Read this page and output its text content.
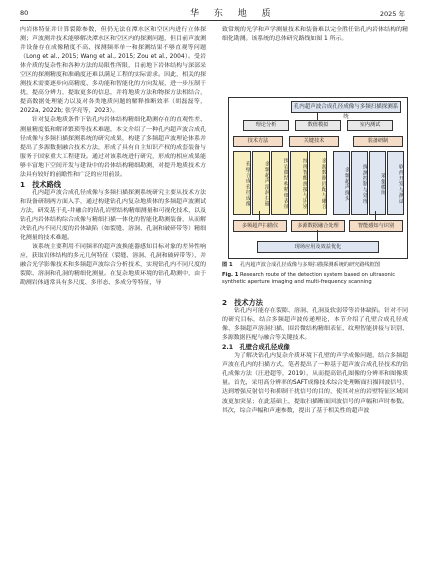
80	华 东 地 质	2025 年

内岩体特征并计算裂隙参数，但仍无法在潭水区和空区内进行立体探测；声波测井技术能够解决潭水区和空区内的探测问题，但目前声波测井设备存在成像精度不高、探测频率单一和探测结果不够直观等问题（Long et al., 2015; Wang et al., 2015; Zou et al., 2004）。受岩体介质的复杂性和各种方法的局限性所限，目前地下岩体结构与深部采空区的探测精度和准确度还难以满足工程的实际需求。因此，相关的探测技术需要逐步向高精度、多功能和智能化的方向发展，进一步压制干扰，提高分辨力，提取更多的信息，并将地质方法和物探方法相结合，提高数据处理能力以及对各类地质问题的解释推断效率（胡磊磊等，2022a, 2022b; 张学亮等，2023）。

针对复杂地质条件下钻孔内岩体结构精细化勘测存在的直观性差、测量精度低和解译繁琐等技术难题，本文介绍了一种孔内超声波合成孔径成像与多频扫描探测系统的研究成果，构建了多频超声波理论体系并提出了多源数据融合技术方法，形成了具有自主知识产权的成套装备与服务于国家重大工程建设。通过对该系统进行研究，形成的相应成果能够丰富地下空间开发与建设中的岩体结构精细勘测，对提升地质技术方法具有较好的前瞻性和广泛的应用前景。

1　技术路线

孔内超声波合成孔径成像与多频扫描探测系统研究主要从技术方法和设备研制两方面入手，通过构建钻孔内复杂地质体的多频超声波测试方法，研发基于孔-井融合的钻孔岩壁结构精细测量和可视化技术，以及钻孔内岩体结构综合成像与精细扫描一体化的智能化勘测装备，从而解决钻孔内不同尺度的岩体缺陷（如裂缝、溶洞、孔洞和破碎带等）精细化测量的技术难题。

该系统主要利用不同频率的超声波换能器感知目标对象的差异性响应，获取岩体结构的多元几何特征（裂缝、溶洞、孔洞和破碎带等），并融合光学影像技术和多频超声波综合分析技术，实现钻孔内不同尺度的裂隙、溶洞和孔洞的精细化测量。在复杂地质环境的钻孔勘测中，由于勘测岩体通常具有多尺度、多形态、多成分等特征，导

致常规的光学和声学测量技术和装备难以完全胜任钻孔内岩体结构的精细化勘测。该系统的总体研究路线如图 1 所示。

孔内超声波合成孔径成像与多频扫描探测系统
理论分析	数值模拟	室内测试
技术方法	关键技术	装备研制
孔壁合成孔径成像	多频超声溶洞扫描	围岩微结构精细表征	纹理智能拼接与识别	多源数据匹配与融合	多频超声探头	探测控制与处理	采集模块	软件开发与测试
多频超声扫描仪	多源数据融合处理	智能感知与识别
现场应用及效益优化
图 1 孔内超声波合成孔径成像与多频扫描探测系统的研究路线框图
Fig. 1 Research route of the detection system based on ultrasonic synthetic aperture imaging and multi-frequency scanning

2　技术方法

钻孔内可能存在裂隙、溶洞、孔洞及软弱带等岩体缺陷。针对不同的研究目标，结合多频超声波传递理论，本节介绍了孔壁合成孔径成像、多频超声溶洞扫描、围岩微结构精细表征、纹理智能拼接与识别、多源数据匹配与融合等关键技术。

2.1　孔壁合成孔径成像

为了解决钻孔内复杂介质环境下孔壁的声学成像问题，结合多频超声波在孔内的扫描方式，笔者提出了一种基于超声波合成孔径技术的钻孔成像方法（汪进超等，2019），从而提高钻孔图像的分辨率和图像质量。首先，采用高分辨率的SAFT成像技术综合处理断面扫描回波信号，达到增强反射信号和抑制干扰信号的目的，使其对应的岩壁特征区域回波更加突显；在此基础上，提取扫描断面回波信号的声幅和声时参数。其次，综合声幅和声速参数，提出了基于相关性的超声波
